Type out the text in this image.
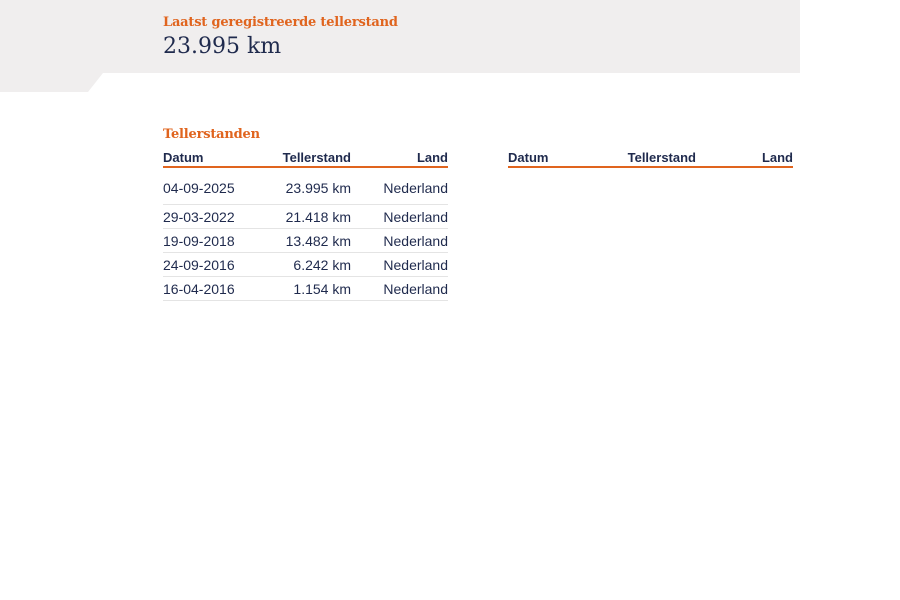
Laatst geregistreerde tellerstand
23.995 km
Tellerstanden
Datum	Tellerstand	Land
04-09-2025	23.995 km	Nederland
29-03-2022	21.418 km	Nederland
19-09-2018	13.482 km	Nederland
24-09-2016	6.242 km	Nederland
16-04-2016	1.154 km	Nederland
Datum	Tellerstand	Land
